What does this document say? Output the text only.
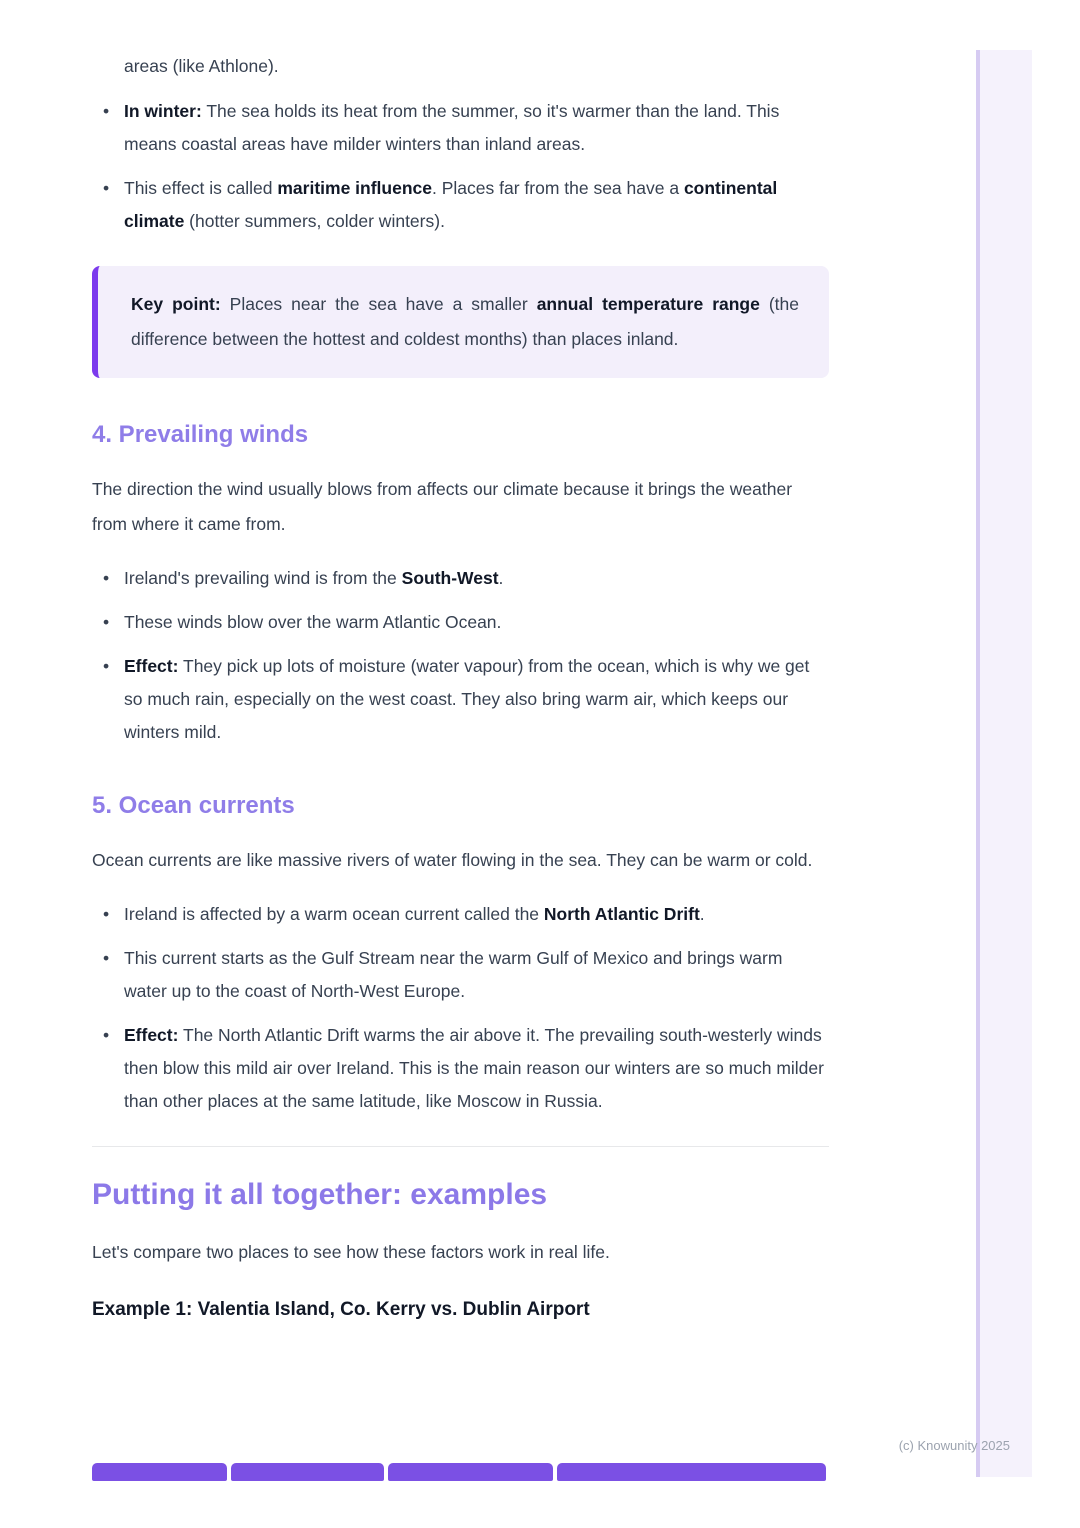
areas (like Athlone).
• In winter: The sea holds its heat from the summer, so it's warmer than the land. This means coastal areas have milder winters than inland areas.
• This effect is called maritime influence. Places far from the sea have a continental climate (hotter summers, colder winters).
Key point: Places near the sea have a smaller annual temperature range (the difference between the hottest and coldest months) than places inland.
4. Prevailing winds

The direction the wind usually blows from affects our climate because it brings the weather from where it came from.

• Ireland's prevailing wind is from the South-West.
• These winds blow over the warm Atlantic Ocean.
• Effect: They pick up lots of moisture (water vapour) from the ocean, which is why we get so much rain, especially on the west coast. They also bring warm air, which keeps our winters mild.
5. Ocean currents

Ocean currents are like massive rivers of water flowing in the sea. They can be warm or cold.

• Ireland is affected by a warm ocean current called the North Atlantic Drift.
• This current starts as the Gulf Stream near the warm Gulf of Mexico and brings warm water up to the coast of North-West Europe.
• Effect: The North Atlantic Drift warms the air above it. The prevailing south-westerly winds then blow this mild air over Ireland. This is the main reason our winters are so much milder than other places at the same latitude, like Moscow in Russia.
Putting it all together: examples

Let's compare two places to see how these factors work in real life.

Example 1: Valentia Island, Co. Kerry vs. Dublin Airport
(c) Knowunity 2025
